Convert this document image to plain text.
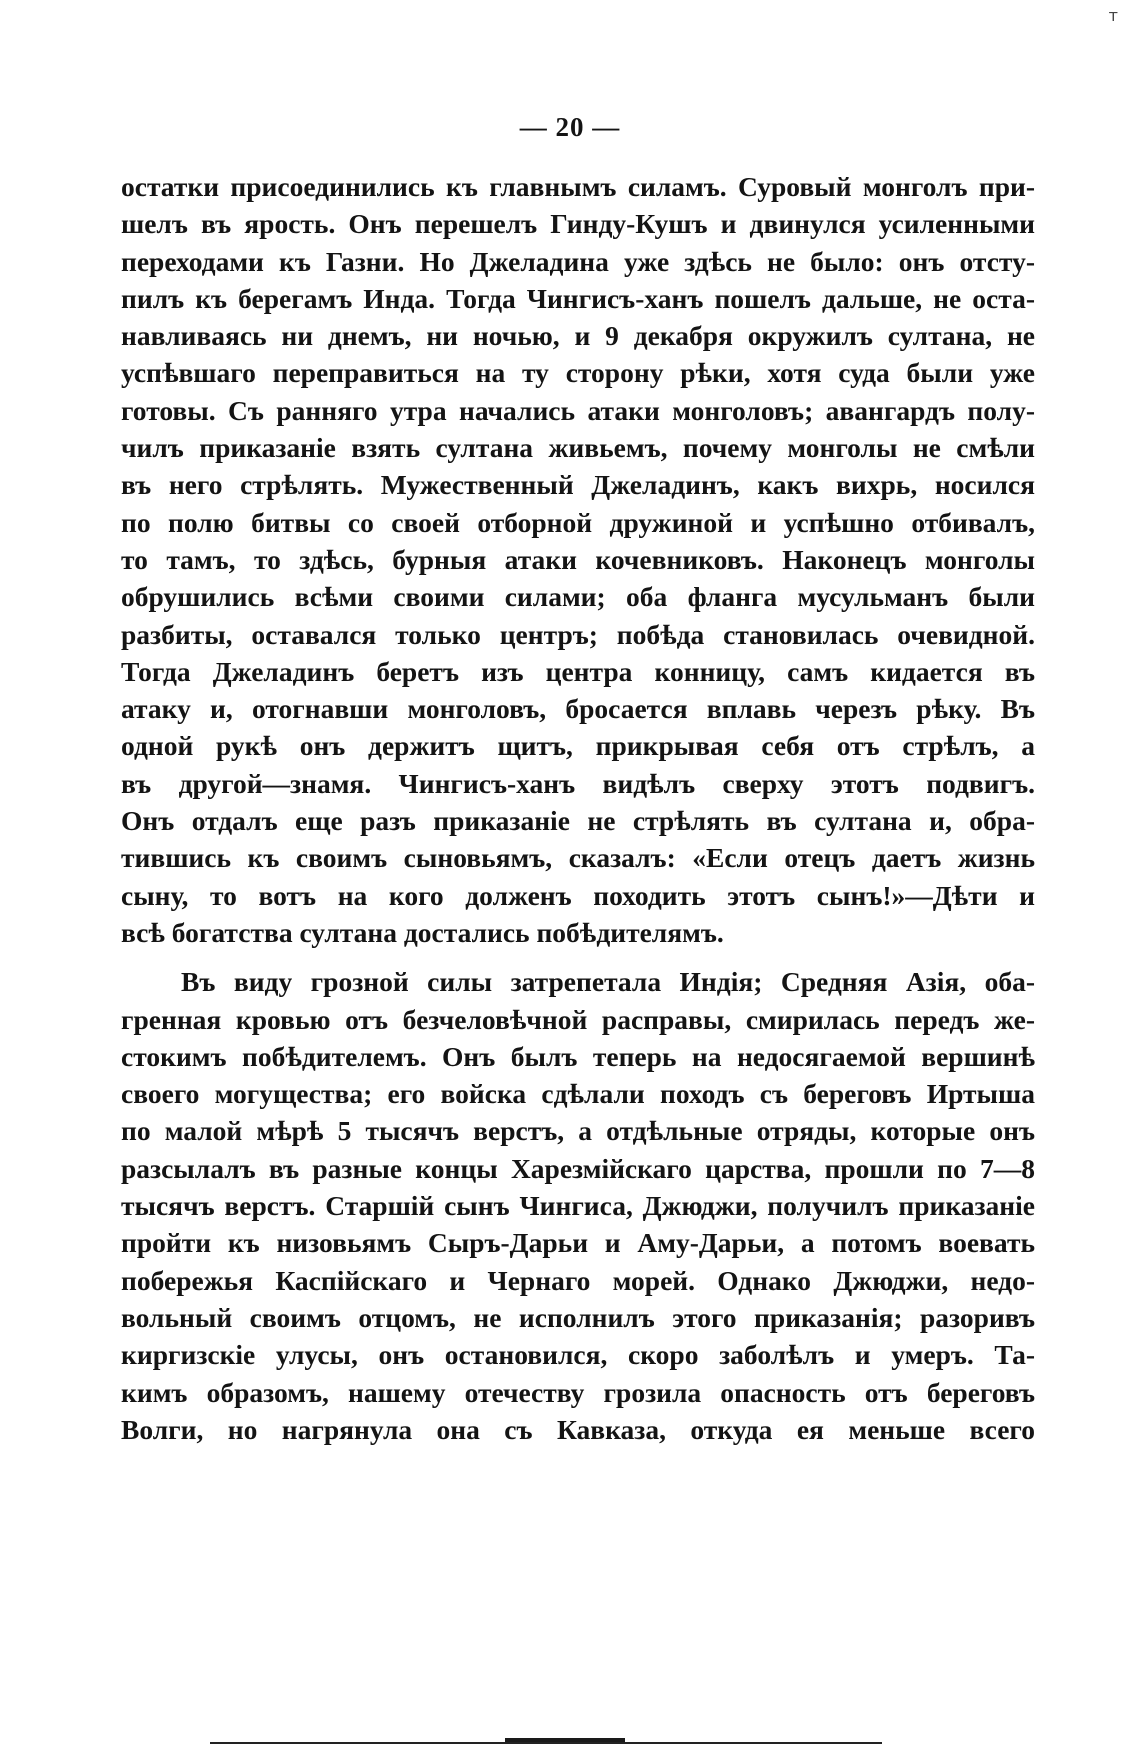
т
— 20 —
остатки присоединились къ главнымъ силамъ. Суровый монголъ при-
шелъ въ ярость. Онъ перешелъ Гинду-Кушъ и двинулся усиленными
переходами къ Газни. Но Джеладина уже здѣсь не было: онъ отсту-
пилъ къ берегамъ Инда. Тогда Чингисъ-ханъ пошелъ дальше, не оста-
навливаясь ни днемъ, ни ночью, и 9 декабря окружилъ султана, не
успѣвшаго переправиться на ту сторону рѣки, хотя суда были уже
готовы. Съ ранняго утра начались атаки монголовъ; авангардъ полу-
чилъ приказаніе взять султана живьемъ, почему монголы не смѣли
въ него стрѣлять. Мужественный Джеладинъ, какъ вихрь, носился
по полю битвы со своей отборной дружиной и успѣшно отбивалъ,
то тамъ, то здѣсь, бурныя атаки кочевниковъ. Наконецъ монголы
обрушились всѣми своими силами; оба фланга мусульманъ были
разбиты, оставался только центръ; побѣда становилась очевидной.
Тогда Джеладинъ беретъ изъ центра конницу, самъ кидается въ
атаку и, отогнавши монголовъ, бросается вплавь черезъ рѣку. Въ
одной рукѣ онъ держитъ щитъ, прикрывая себя отъ стрѣлъ, а
въ другой—знамя. Чингисъ-ханъ видѣлъ сверху этотъ подвигъ.
Онъ отдалъ еще разъ приказаніе не стрѣлять въ султана и, обра-
тившись къ своимъ сыновьямъ, сказалъ: «Если отецъ даетъ жизнь
сыну, то вотъ на кого долженъ походить этотъ сынъ!»—Дѣти и
всѣ богатства султана достались побѣдителямъ.
Въ виду грозной силы затрепетала Индія; Средняя Азія, оба-
гренная кровью отъ безчеловѣчной расправы, смирилась передъ же-
стокимъ побѣдителемъ. Онъ былъ теперь на недосягаемой вершинѣ
своего могущества; его войска сдѣлали походъ съ береговъ Иртыша
по малой мѣрѣ 5 тысячъ верстъ, а отдѣльные отряды, которые онъ
разсылалъ въ разные концы Харезмійскаго царства, прошли по 7—8
тысячъ верстъ. Старшій сынъ Чингиса, Джюджи, получилъ приказаніе
пройти къ низовьямъ Сыръ-Дарьи и Аму-Дарьи, а потомъ воевать
побережья Каспійскаго и Чернаго морей. Однако Джюджи, недо-
вольный своимъ отцомъ, не исполнилъ этого приказанія; разоривъ
киргизскіе улусы, онъ остановился, скоро заболѣлъ и умеръ. Та-
кимъ образомъ, нашему отечеству грозила опасность отъ береговъ
Волги, но нагрянула она съ Кавказа, откуда ея меньше всего
